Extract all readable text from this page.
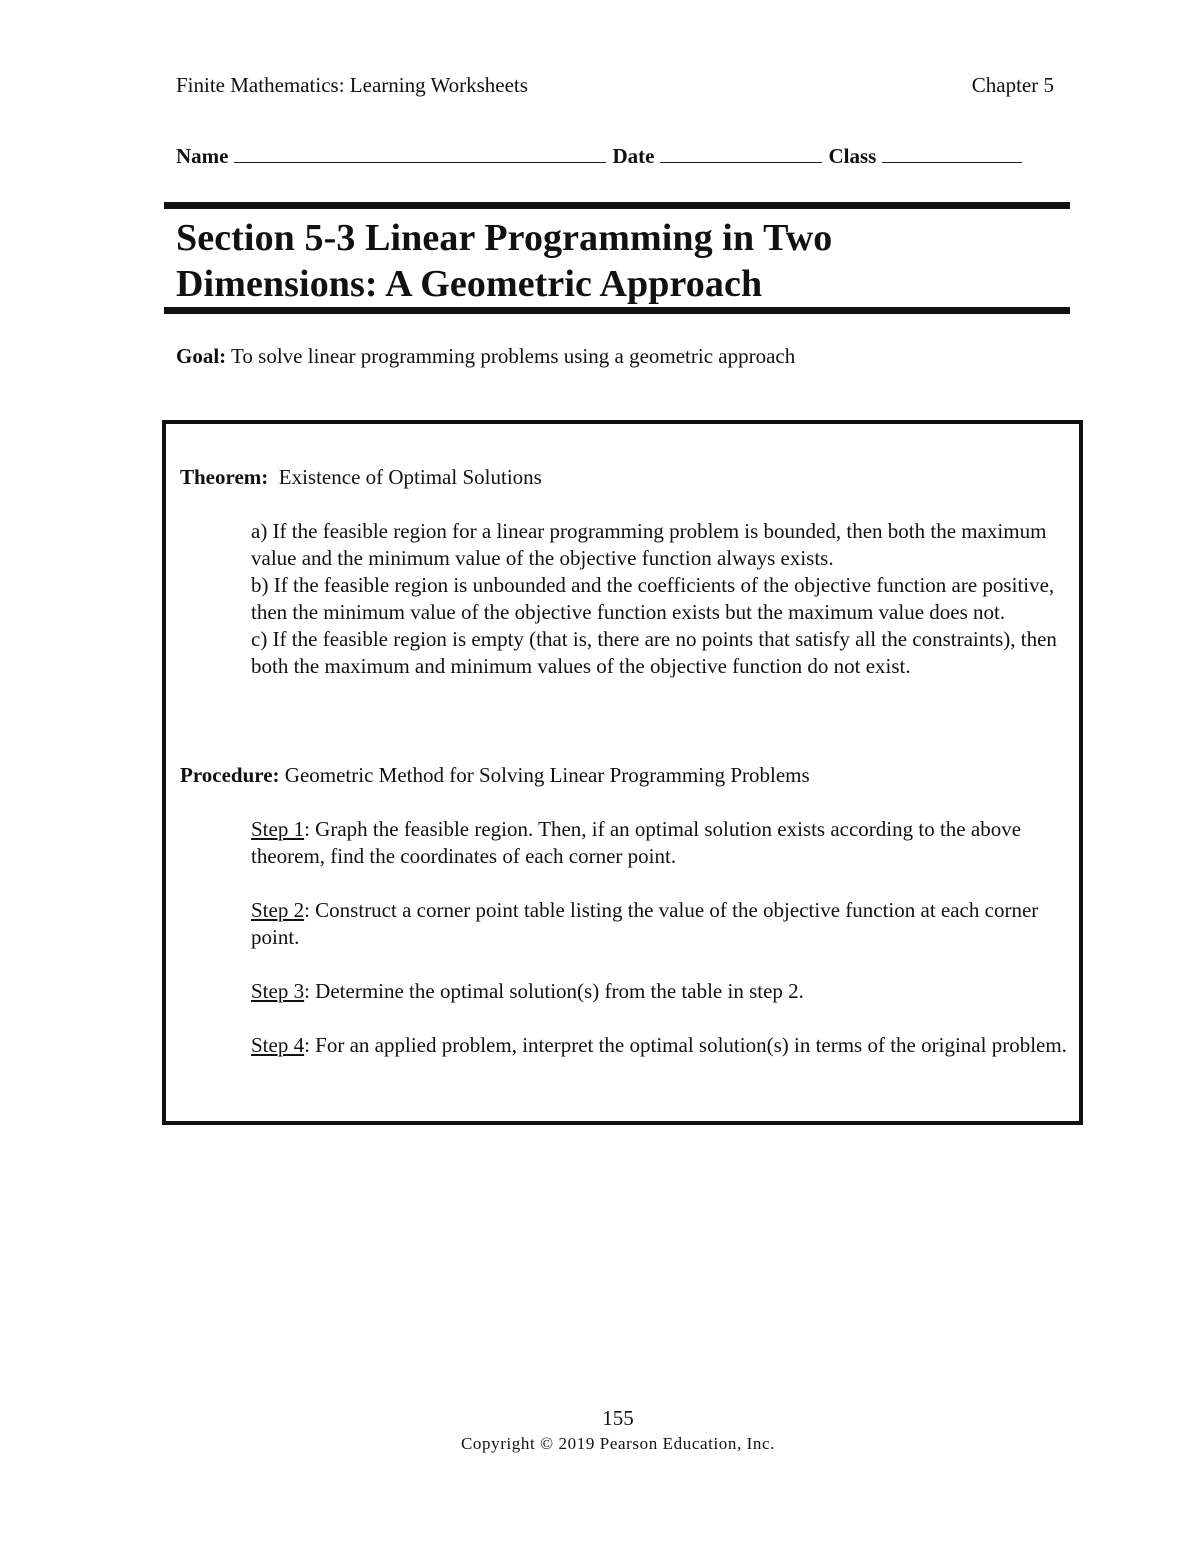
Finite Mathematics: Learning Worksheets	Chapter 5
Name	Date	Class
Section 5-3 Linear Programming in Two
Dimensions: A Geometric Approach
Goal: To solve linear programming problems using a geometric approach
Theorem: Existence of Optimal Solutions

a) If the feasible region for a linear programming problem is bounded, then both the maximum value and the minimum value of the objective function always exists.

b) If the feasible region is unbounded and the coefficients of the objective function are positive, then the minimum value of the objective function exists but the maximum value does not.

c) If the feasible region is empty (that is, there are no points that satisfy all the constraints), then both the maximum and minimum values of the objective function do not exist.

Procedure: Geometric Method for Solving Linear Programming Problems
Step 1: Graph the feasible region. Then, if an optimal solution exists according to the above theorem, find the coordinates of each corner point.
Step 2: Construct a corner point table listing the value of the objective function at each corner point.
Step 3: Determine the optimal solution(s) from the table in step 2.
Step 4: For an applied problem, interpret the optimal solution(s) in terms of the original problem.
155
Copyright © 2019 Pearson Education, Inc.
